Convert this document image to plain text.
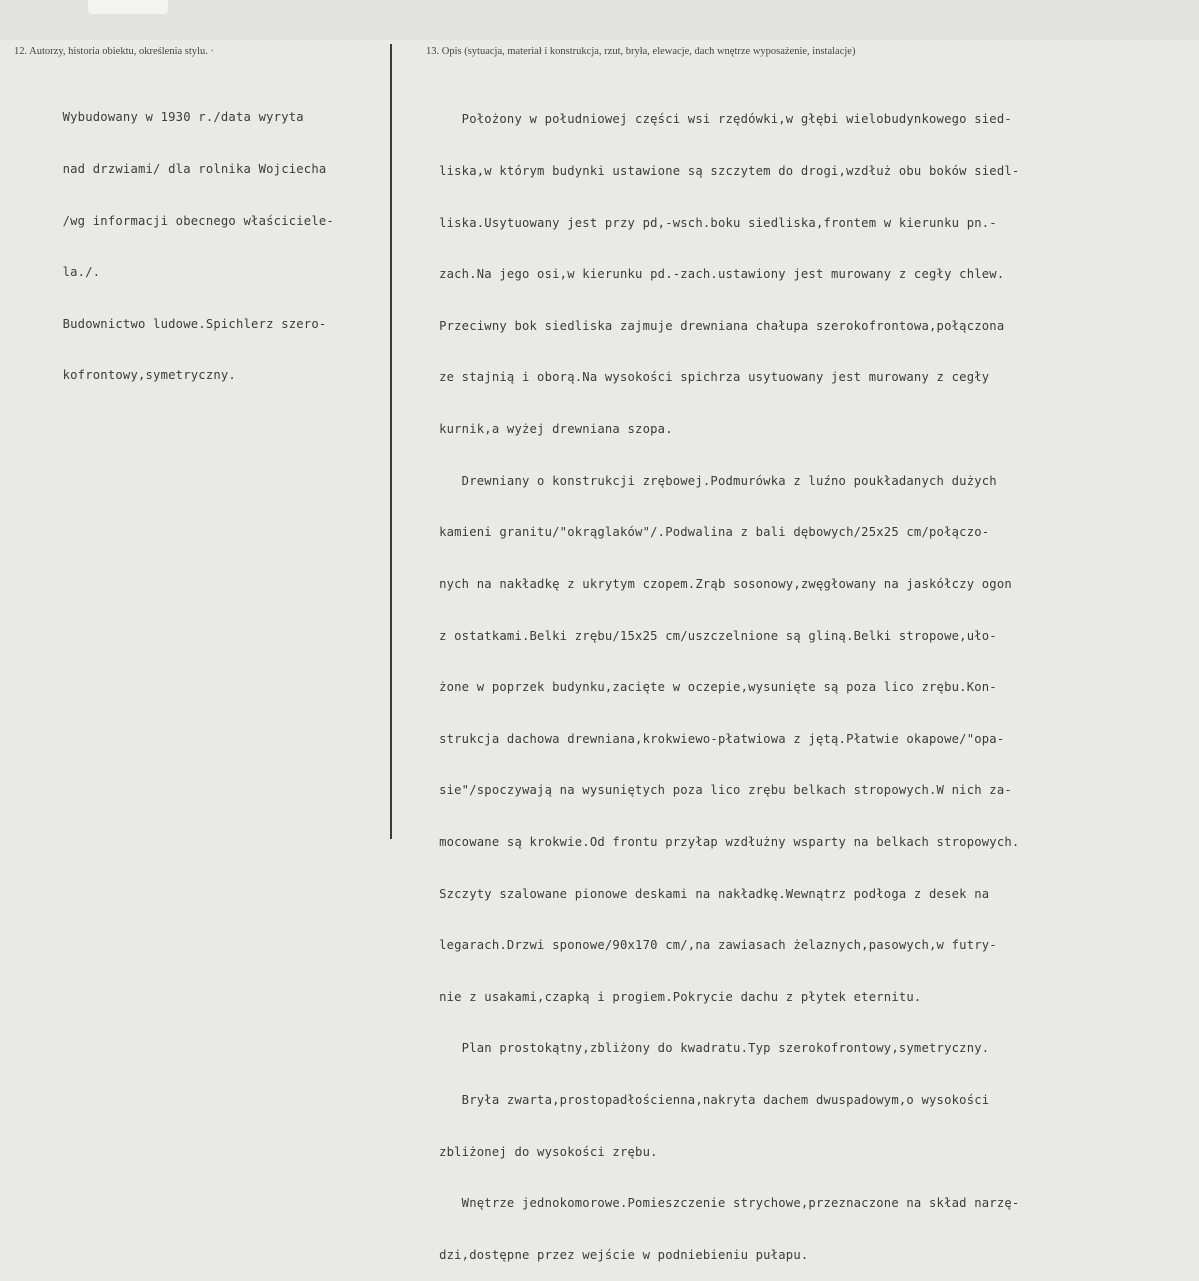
12. Autorzy, historia obiektu, określenia stylu. ·	13. Opis (sytuacja, materiał i konstrukcja, rzut, bryła, elewacje, dach wnętrze wyposażenie, instalacje)

Wybudowany w 1930 r./data wyryta

nad drzwiami/ dla rolnika Wojciecha

/wg informacji obecnego właściciele-

la./.

Budownictwo ludowe.Spichlerz szero-

kofrontowy,symetryczny.

Położony w południowej części wsi rzędówki,w głębi wielobudynkowego sied-

liska,w którym budynki ustawione są szczytem do drogi,wzdłuż obu boków siedl-

liska.Usytuowany jest przy pd,-wsch.boku siedliska,frontem w kierunku pn.-

zach.Na jego osi,w kierunku pd.-zach.ustawiony jest murowany z cegły chlew.

Przeciwny bok siedliska zajmuje drewniana chałupa szerokofrontowa,połączona

ze stajnią i oborą.Na wysokości spichrza usytuowany jest murowany z cegły

kurnik,a wyżej drewniana szopa.

Drewniany o konstrukcji zrębowej.Podmurówka z luźno poukładanych dużych

kamieni granitu/"okrąglaków"/.Podwalina z bali dębowych/25x25 cm/połączo-

nych na nakładkę z ukrytym czopem.Zrąb sosonowy,zwęgłowany na jaskółczy ogon

z ostatkami.Belki zrębu/15x25 cm/uszczelnione są gliną.Belki stropowe,uło-

żone w poprzek budynku,zacięte w oczepie,wysunięte są poza lico zrębu.Kon-

strukcja dachowa drewniana,krokwiewo-płatwiowa z jętą.Płatwie okapowe/"opa-

sie"/spoczywają na wysuniętych poza lico zrębu belkach stropowych.W nich za-

mocowane są krokwie.Od frontu przyłap wzdłużny wsparty na belkach stropowych.

Szczyty szalowane pionowe deskami na nakładkę.Wewnątrz podłoga z desek na

legarach.Drzwi sponowe/90x170 cm/,na zawiasach żelaznych,pasowych,w futry-

nie z usakami,czapką i progiem.Pokrycie dachu z płytek eternitu.

Plan prostokątny,zbliżony do kwadratu.Typ szerokofrontowy,symetryczny.

Bryła zwarta,prostopadłościenna,nakryta dachem dwuspadowym,o wysokości

zbliżonej do wysokości zrębu.

Wnętrze jednokomorowe.Pomieszczenie strychowe,przeznaczone na skład narzę-

dzi,dostępne przez wejście w podniebieniu pułapu.
